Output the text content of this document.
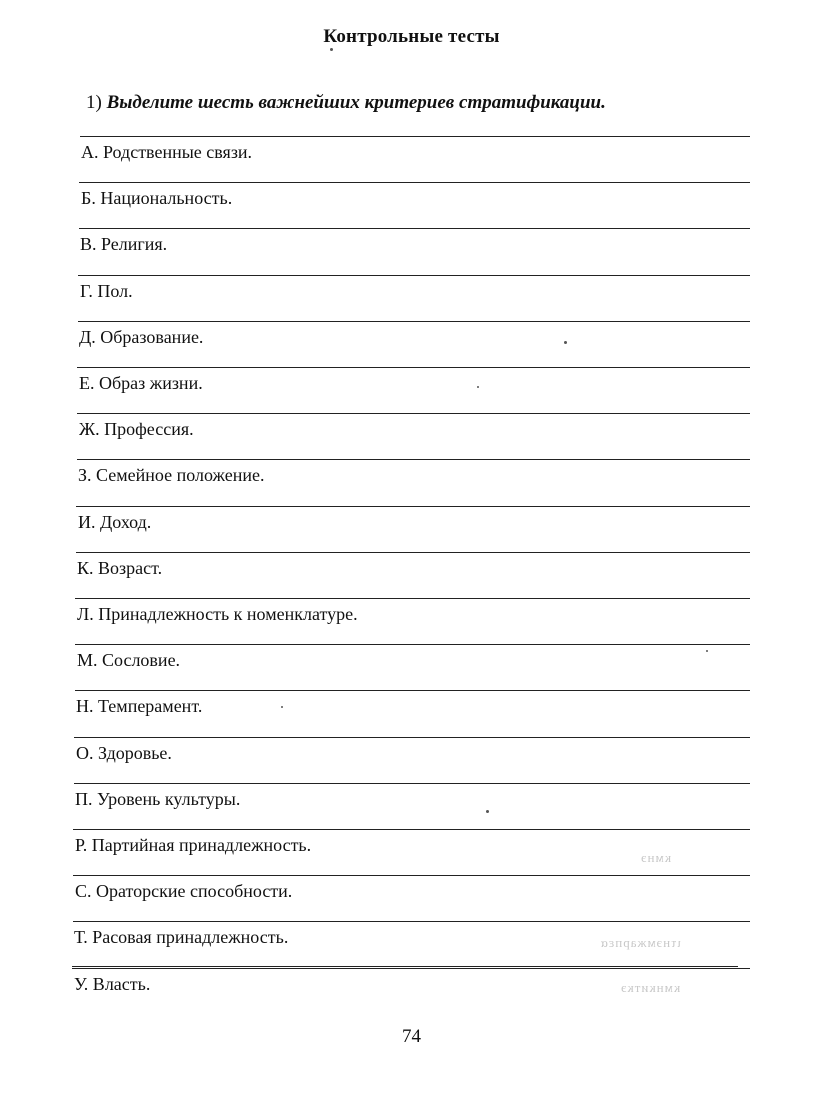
Контрольные тесты
1) Выделите шесть важнейших критериев стратификации.
А. Родственные связи.
Б. Национальность.
В. Религия.
Г. Пол.
Д. Образование.
Е. Образ жизни.
Ж. Профессия.
З. Семейное положение.
И. Доход.
К. Возраст.
Л. Принадлежность к номенклатуре.
М. Сословие.
Н. Темперамент.
О. Здоровье.
П. Уровень культуры.
Р. Партийная принадлежность.
С. Ораторские способности.
Т. Расовая принадлежность.
У. Власть.
74
ιτнэмжарпεα
кмнкиткэ
кмнэ
